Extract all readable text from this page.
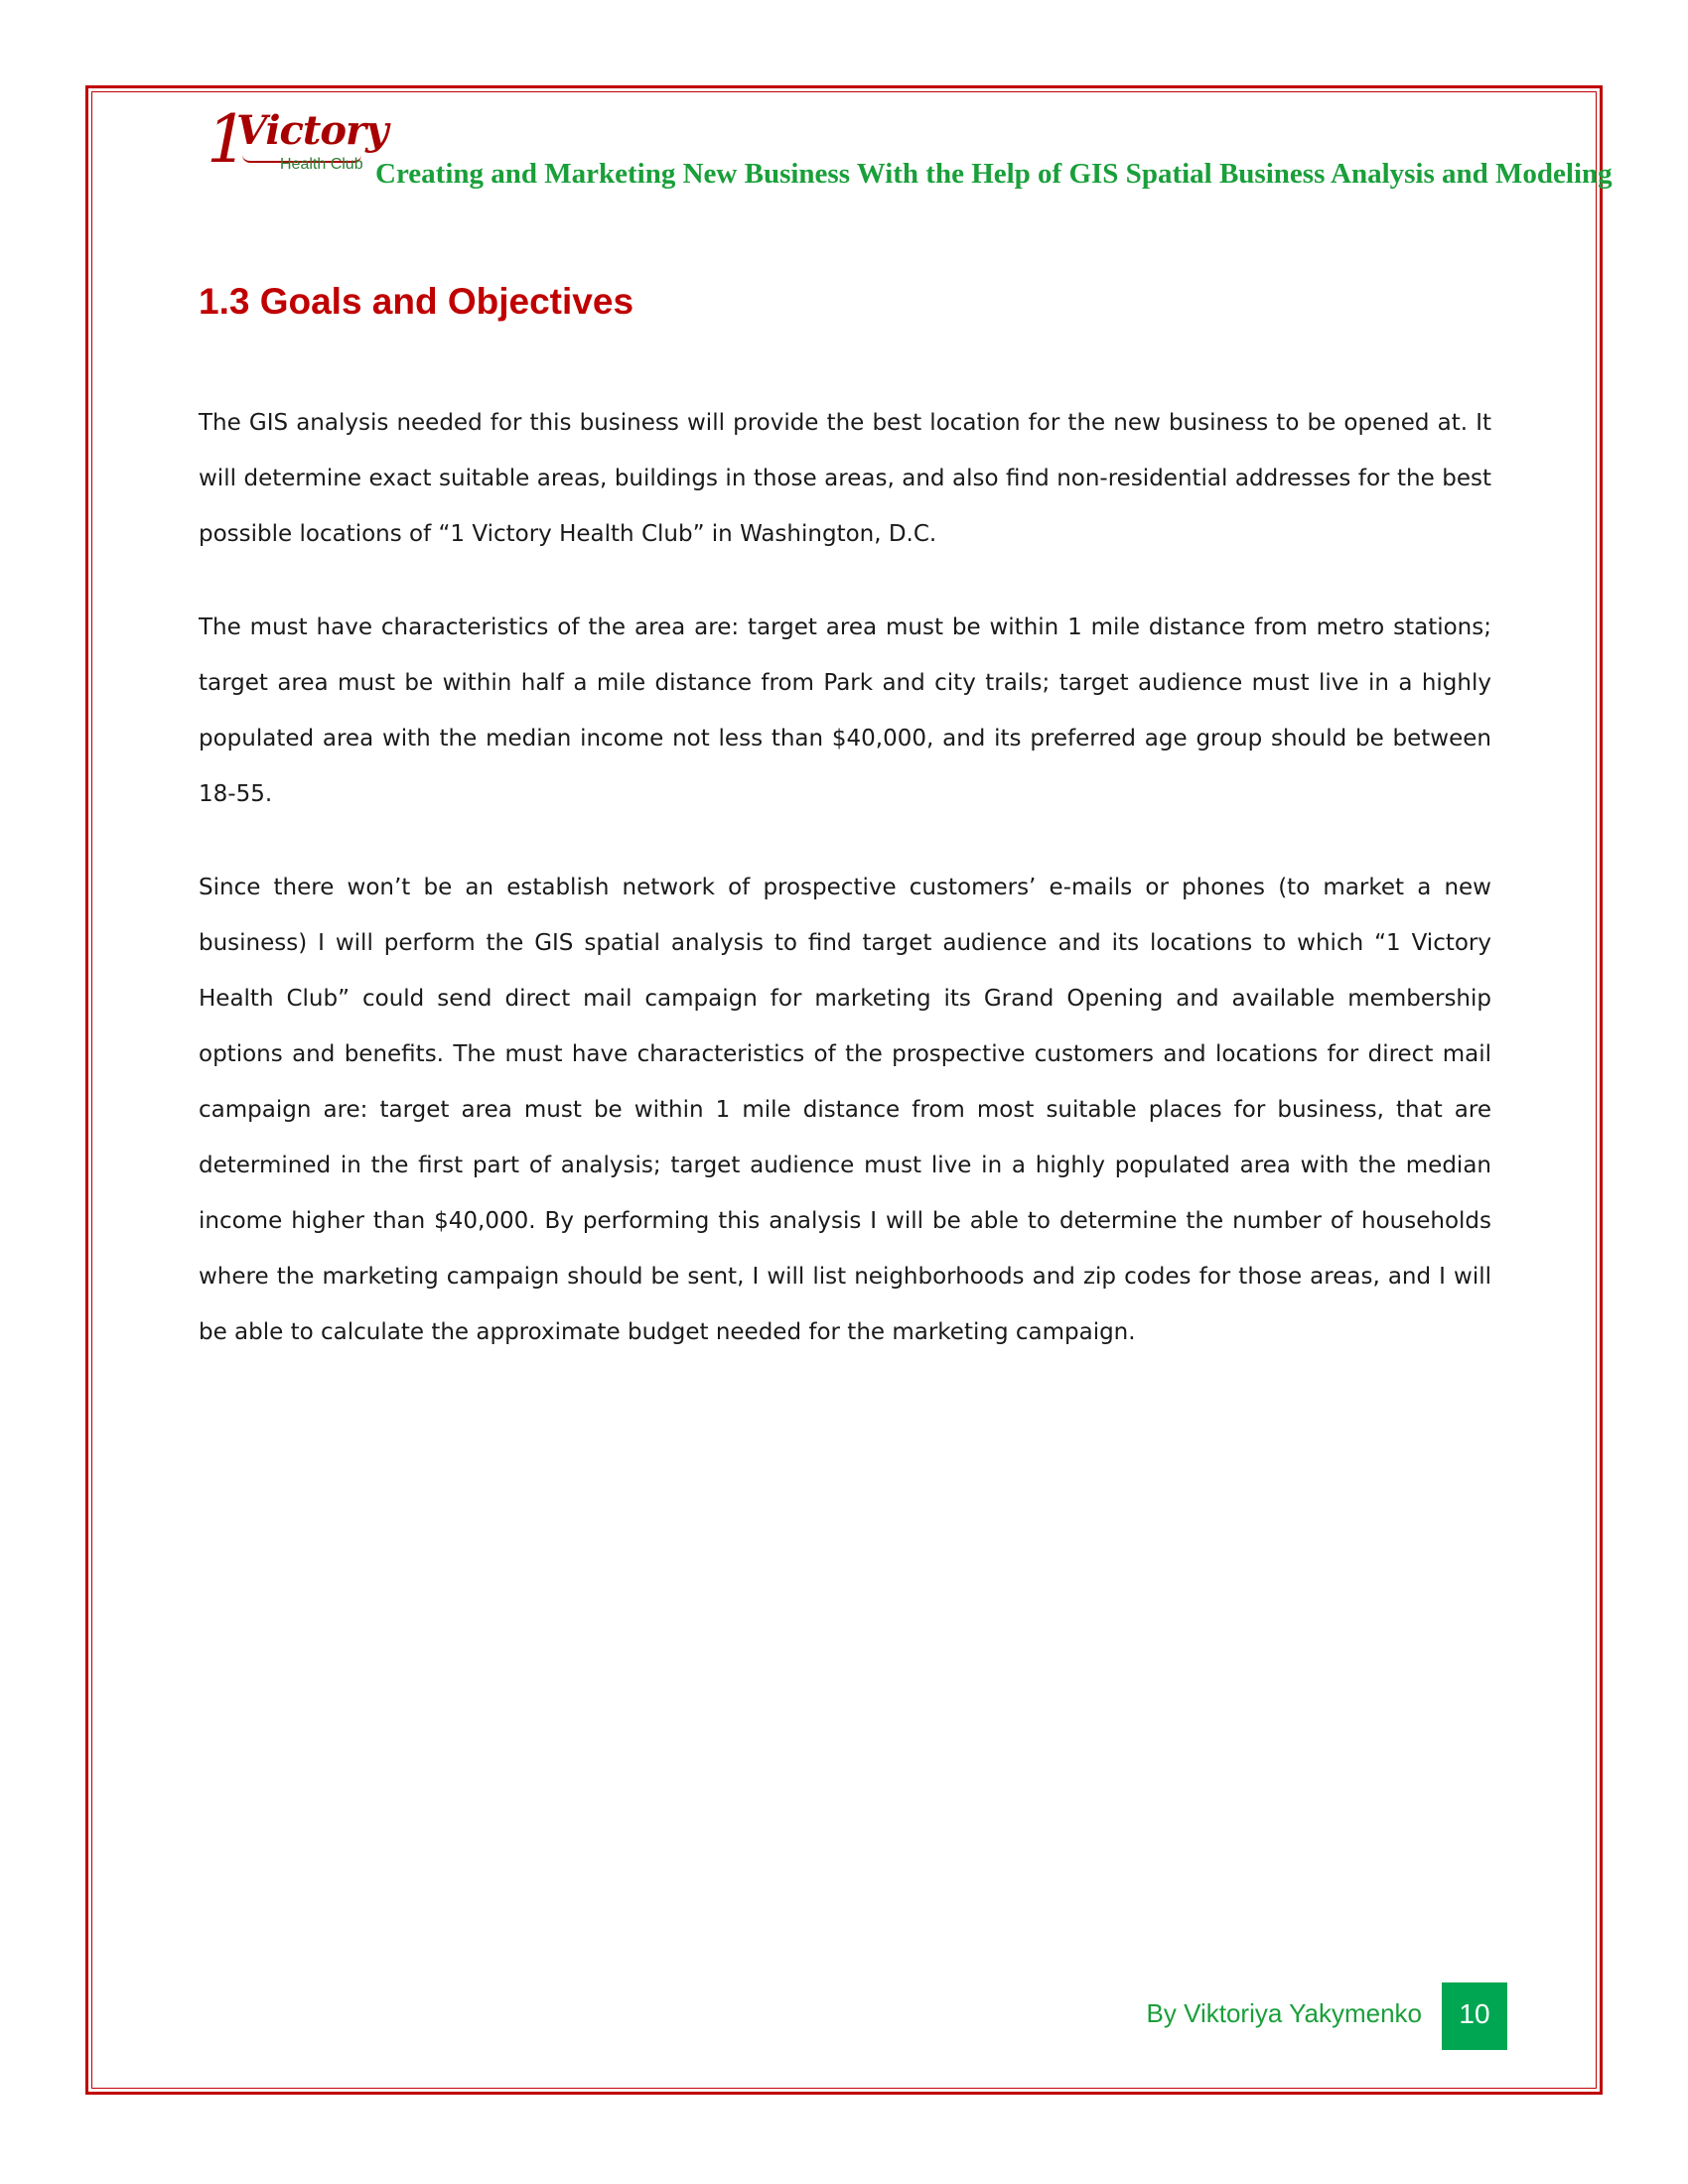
1
Victory
Health Club Creating and Marketing New Business With the Help of GIS Spatial Business Analysis and Modeling
1.3 Goals and Objectives

The GIS analysis needed for this business will provide the best location for the new business to be opened at. It will determine exact suitable areas, buildings in those areas, and also find non-residential addresses for the best possible locations of “1 Victory Health Club” in Washington, D.C.

The must have characteristics of the area are: target area must be within 1 mile distance from metro stations; target area must be within half a mile distance from Park and city trails; target audience must live in a highly populated area with the median income not less than $40,000, and its preferred age group should be between 18-55.

Since there won’t be an establish network of prospective customers’ e-mails or phones (to market a new business) I will perform the GIS spatial analysis to find target audience and its locations to which “1 Victory Health Club” could send direct mail campaign for marketing its Grand Opening and available membership options and benefits. The must have characteristics of the prospective customers and locations for direct mail campaign are: target area must be within 1 mile distance from most suitable places for business, that are determined in the first part of analysis; target audience must live in a highly populated area with the median income higher than $40,000. By performing this analysis I will be able to determine the number of households where the marketing campaign should be sent, I will list neighborhoods and zip codes for those areas, and I will be able to calculate the approximate budget needed for the marketing campaign.

By Viktoriya Yakymenko	10
